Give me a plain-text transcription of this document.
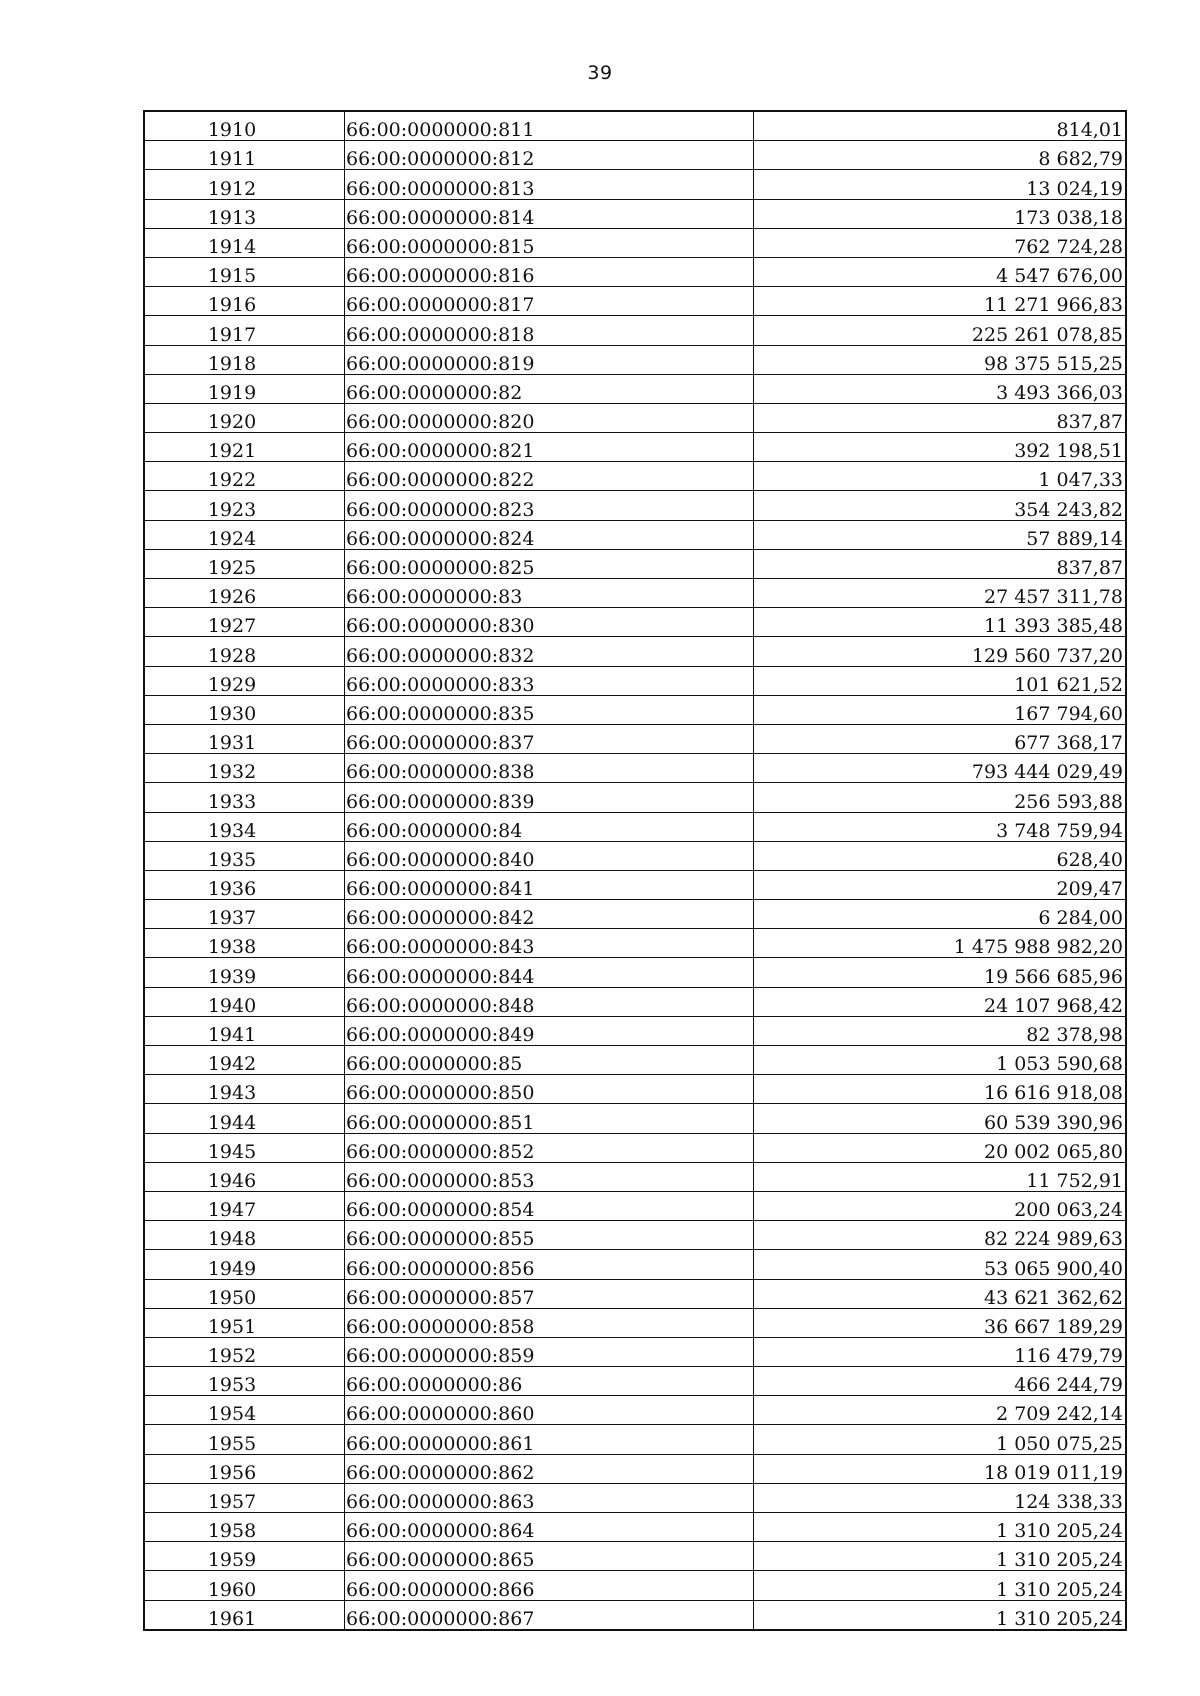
39
1910	66:00:0000000:811	814,01
1911	66:00:0000000:812	8 682,79
1912	66:00:0000000:813	13 024,19
1913	66:00:0000000:814	173 038,18
1914	66:00:0000000:815	762 724,28
1915	66:00:0000000:816	4 547 676,00
1916	66:00:0000000:817	11 271 966,83
1917	66:00:0000000:818	225 261 078,85
1918	66:00:0000000:819	98 375 515,25
1919	66:00:0000000:82	3 493 366,03
1920	66:00:0000000:820	837,87
1921	66:00:0000000:821	392 198,51
1922	66:00:0000000:822	1 047,33
1923	66:00:0000000:823	354 243,82
1924	66:00:0000000:824	57 889,14
1925	66:00:0000000:825	837,87
1926	66:00:0000000:83	27 457 311,78
1927	66:00:0000000:830	11 393 385,48
1928	66:00:0000000:832	129 560 737,20
1929	66:00:0000000:833	101 621,52
1930	66:00:0000000:835	167 794,60
1931	66:00:0000000:837	677 368,17
1932	66:00:0000000:838	793 444 029,49
1933	66:00:0000000:839	256 593,88
1934	66:00:0000000:84	3 748 759,94
1935	66:00:0000000:840	628,40
1936	66:00:0000000:841	209,47
1937	66:00:0000000:842	6 284,00
1938	66:00:0000000:843	1 475 988 982,20
1939	66:00:0000000:844	19 566 685,96
1940	66:00:0000000:848	24 107 968,42
1941	66:00:0000000:849	82 378,98
1942	66:00:0000000:85	1 053 590,68
1943	66:00:0000000:850	16 616 918,08
1944	66:00:0000000:851	60 539 390,96
1945	66:00:0000000:852	20 002 065,80
1946	66:00:0000000:853	11 752,91
1947	66:00:0000000:854	200 063,24
1948	66:00:0000000:855	82 224 989,63
1949	66:00:0000000:856	53 065 900,40
1950	66:00:0000000:857	43 621 362,62
1951	66:00:0000000:858	36 667 189,29
1952	66:00:0000000:859	116 479,79
1953	66:00:0000000:86	466 244,79
1954	66:00:0000000:860	2 709 242,14
1955	66:00:0000000:861	1 050 075,25
1956	66:00:0000000:862	18 019 011,19
1957	66:00:0000000:863	124 338,33
1958	66:00:0000000:864	1 310 205,24
1959	66:00:0000000:865	1 310 205,24
1960	66:00:0000000:866	1 310 205,24
1961	66:00:0000000:867	1 310 205,24
